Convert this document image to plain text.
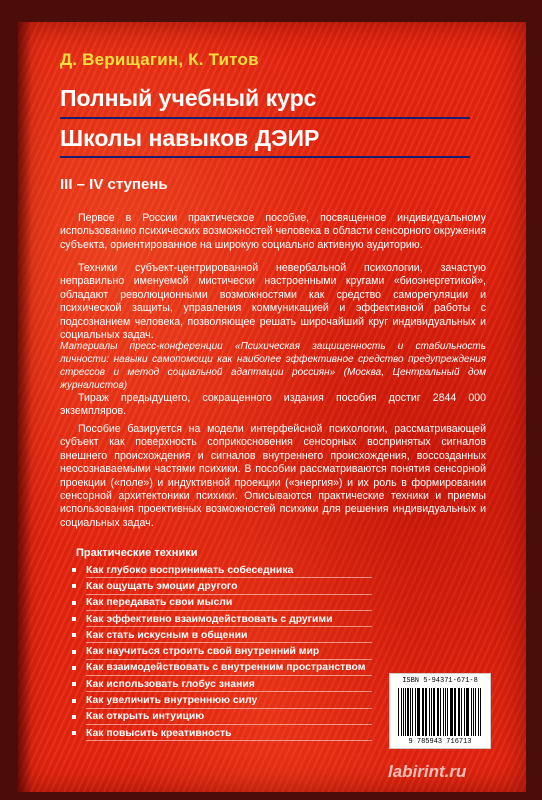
Д. Верищагин, К. Титов
Полный учебный курс
Школы навыков ДЭИР
III – IV ступень
Первое в России практическое пособие, посвященное индивидуальному использованию психических возможностей человека в области сенсорного окружения субъекта, ориентированное на широкую социально активную аудиторию.
Техники субъект-центрированной невербальной психологии, зачастую неправильно именуемой мистически настроенными кругами «биоэнергетикой», обладают революционными возможностями как средство саморегуляции и психической защиты, управления коммуникацией и эффективной работы с подсознанием человека, позволяющее решать широчайший круг индивидуальных и социальных задач.
Материалы пресс-конференции «Психическая защищенность и стабильность личности: навыки самопомощи как наиболее эффективное средство предупреждения стрессов и метод социальной адаптации россиян» (Москва, Центральный дом журналистов)
Тираж предыдущего, сокращенного издания пособия достиг 2844 000 экземпляров.
Пособие базируется на модели интерфейсной психологии, рассматривающей субъект как поверхность соприкосновения сенсорных воспринятых сигналов внешнего происхождения и сигналов внутреннего происхождения, воссозданных неосознаваемыми частями психики. В пособии рассматриваются понятия сенсорной проекции («поле») и индуктивной проекции («энергия») и их роль в формировании сенсорной архитектоники психики. Описываются практические техники и приемы использования проективных возможностей психики для решения индивидуальных и социальных задач.
Практические техники
Как глубоко воспринимать собеседника
Как ощущать эмоции другого
Как передавать свои мысли
Как эффективно взаимодействовать с другими
Как стать искусным в общении
Как научиться строить свой внутренний мир
Как взаимодействовать с внутренним пространством
Как использовать глобус знания
Как увеличить внутреннюю силу
Как открыть интуицию
Как повысить креативность
ISBN 5-94371-671-8
9 785943 716713
labirint.ru
